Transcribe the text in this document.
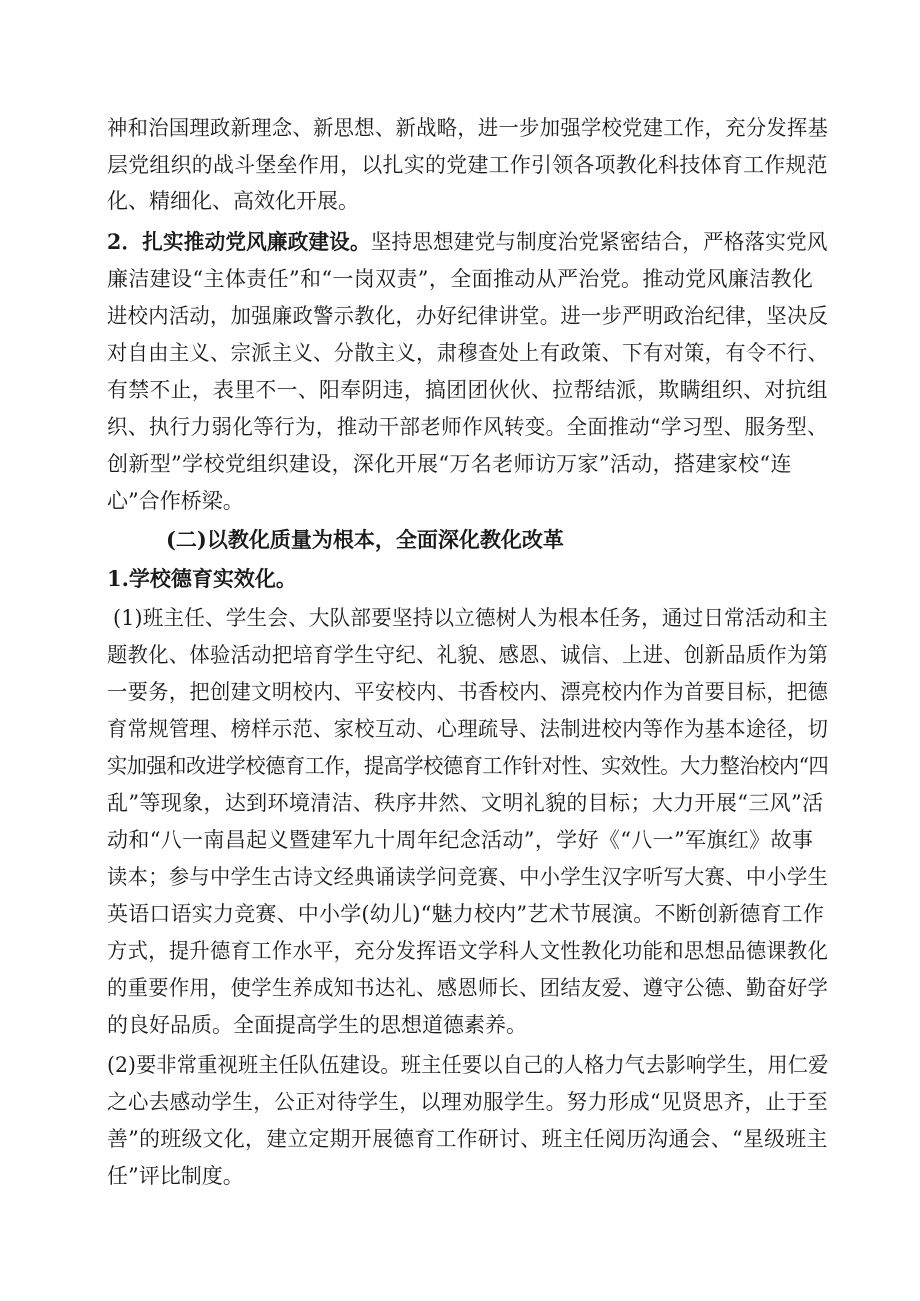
神和治国理政新理念、新思想、新战略，进一步加强学校党建工作，充分发挥基
层党组织的战斗堡垒作用，以扎实的党建工作引领各项教化科技体育工作规范
化、精细化、高效化开展。
2．扎实推动党风廉政建设。坚持思想建党与制度治党紧密结合，严格落实党风
廉洁建设“主体责任”和“一岗双责”，全面推动从严治党。推动党风廉洁教化
进校内活动，加强廉政警示教化，办好纪律讲堂。进一步严明政治纪律，坚决反
对自由主义、宗派主义、分散主义，肃穆查处上有政策、下有对策，有令不行、
有禁不止，表里不一、阳奉阴违，搞团团伙伙、拉帮结派，欺瞒组织、对抗组
织、执行力弱化等行为，推动干部老师作风转变。全面推动“学习型、服务型、
创新型”学校党组织建设，深化开展“万名老师访万家”活动，搭建家校“连
心”合作桥梁。
(二)以教化质量为根本，全面深化教化改革
1.学校德育实效化。
(1)班主任、学生会、大队部要坚持以立德树人为根本任务，通过日常活动和主
题教化、体验活动把培育学生守纪、礼貌、感恩、诚信、上进、创新品质作为第
一要务，把创建文明校内、平安校内、书香校内、漂亮校内作为首要目标，把德
育常规管理、榜样示范、家校互动、心理疏导、法制进校内等作为基本途径，切
实加强和改进学校德育工作，提高学校德育工作针对性、实效性。大力整治校内“四
乱”等现象，达到环境清洁、秩序井然、文明礼貌的目标；大力开展“三风”活
动和“八一南昌起义暨建军九十周年纪念活动”，学好《“八一”军旗红》故事
读本；参与中学生古诗文经典诵读学问竞赛、中小学生汉字听写大赛、中小学生
英语口语实力竞赛、中小学(幼儿)“魅力校内”艺术节展演。不断创新德育工作
方式，提升德育工作水平，充分发挥语文学科人文性教化功能和思想品德课教化
的重要作用，使学生养成知书达礼、感恩师长、团结友爱、遵守公德、勤奋好学
的良好品质。全面提高学生的思想道德素养。
(2)要非常重视班主任队伍建设。班主任要以自己的人格力气去影响学生，用仁爱
之心去感动学生，公正对待学生，以理劝服学生。努力形成“见贤思齐，止于至
善”的班级文化，建立定期开展德育工作研讨、班主任阅历沟通会、“星级班主
任”评比制度。
